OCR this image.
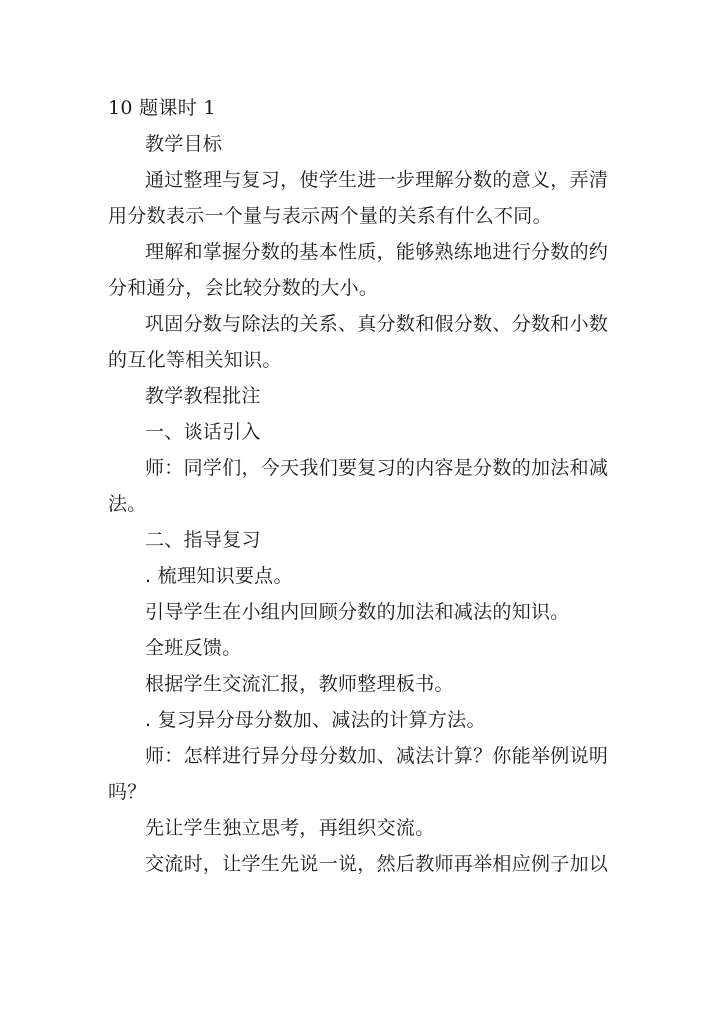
10 题课时 1
教学目标
通过整理与复习，使学生进一步理解分数的意义，弄清
用分数表示一个量与表示两个量的关系有什么不同。
理解和掌握分数的基本性质，能够熟练地进行分数的约
分和通分，会比较分数的大小。
巩固分数与除法的关系、真分数和假分数、分数和小数
的互化等相关知识。
教学教程批注
一、谈话引入
师：同学们，今天我们要复习的内容是分数的加法和减
法。
二、指导复习
. 梳理知识要点。
引导学生在小组内回顾分数的加法和减法的知识。
全班反馈。
根据学生交流汇报，教师整理板书。
. 复习异分母分数加、减法的计算方法。
师：怎样进行异分母分数加、减法计算？你能举例说明
吗？
先让学生独立思考，再组织交流。
交流时，让学生先说一说，然后教师再举相应例子加以
